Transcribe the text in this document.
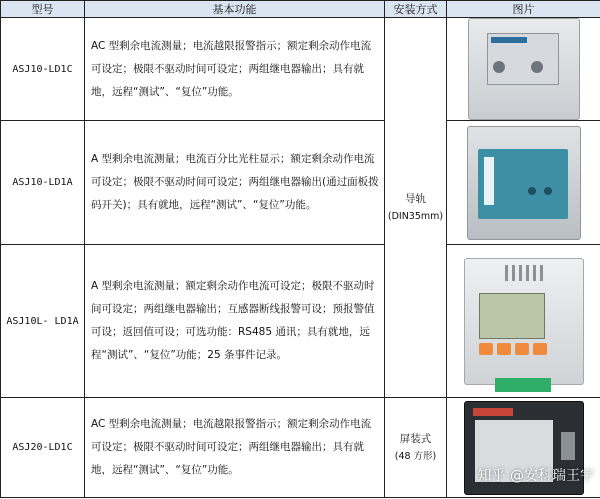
型号	基本功能	安装方式	图片
ASJ10-LD1C	AC 型剩余电流测量；电流越限报警指示；额定剩余动作电流可设定；极限不驱动时间可设定；两组继电器输出；具有就地，远程“测试”、“复位”功能。	导轨
(DIN35mm)	

ASJ10-LD1A	A 型剩余电流测量；电流百分比光柱显示；额定剩余动作电流可设定；极限不驱动时间可设定；两组继电器输出(通过面板拨码开关)；具有就地，远程“测试”、“复位”功能。		

ASJ10L- LD1A	A 型剩余电流测量；额定剩余动作电流可设定；极限不驱动时间可设定；两组继电器输出；互感器断线报警可设；预报警值可设；返回值可设；可选功能：RS485 通讯；具有就地，远程“测试”、“复位”功能；25 条事件记录。		

ASJ20-LD1C	AC 型剩余电流测量；电流越限报警指示；额定剩余动作电流可设定；极限不驱动时间可设定；两组继电器输出；具有就地，远程“测试”、“复位”功能。	屏装式
(48 方形)	

知乎 @安科瑞王宇
